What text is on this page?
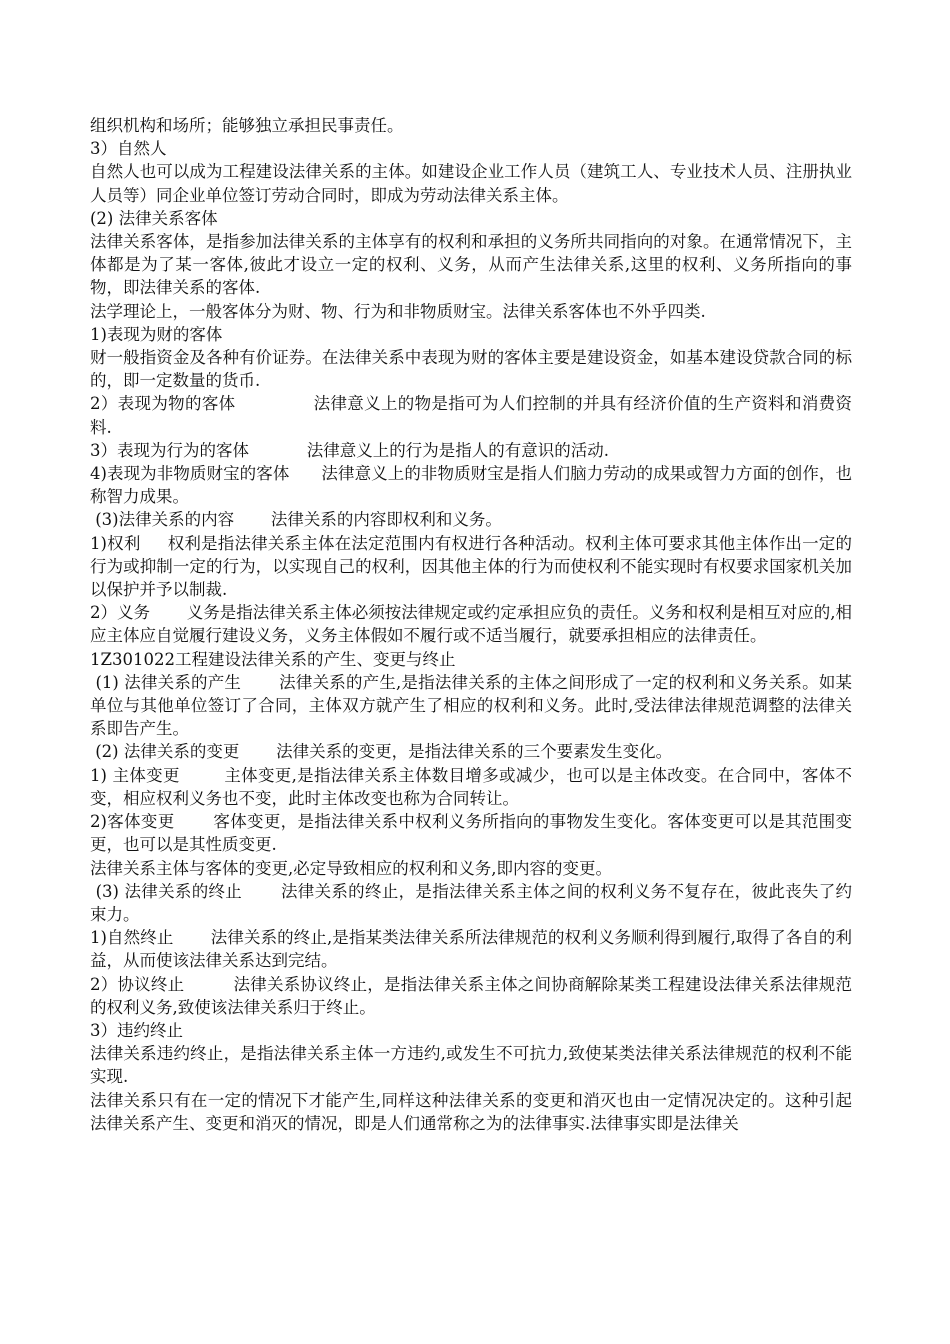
组织机构和场所；能够独立承担民事责任。

3）自然人

自然人也可以成为工程建设法律关系的主体。如建设企业工作人员（建筑工人、专业技术人员、注册执业人员等）同企业单位签订劳动合同时，即成为劳动法律关系主体。

(2) 法律关系客体

法律关系客体，是指参加法律关系的主体享有的权利和承担的义务所共同指向的对象。在通常情况下，主体都是为了某一客体,彼此才设立一定的权利、义务，从而产生法律关系,这里的权利、义务所指向的事物，即法律关系的客体.

法学理论上，一般客体分为财、物、行为和非物质财宝。法律关系客体也不外乎四类.

1)表现为财的客体

财一般指资金及各种有价证券。在法律关系中表现为财的客体主要是建设资金，如基本建设贷款合同的标的，即一定数量的货币.

2）表现为物的客体              法律意义上的物是指可为人们控制的并具有经济价值的生产资料和消费资料.

3）表现为行为的客体           法律意义上的行为是指人的有意识的活动.

4)表现为非物质财宝的客体      法律意义上的非物质财宝是指人们脑力劳动的成果或智力方面的创作，也称智力成果。

(3)法律关系的内容       法律关系的内容即权利和义务。

1)权利     权利是指法律关系主体在法定范围内有权进行各种活动。权利主体可要求其他主体作出一定的行为或抑制一定的行为，以实现自己的权利，因其他主体的行为而使权利不能实现时有权要求国家机关加以保护并予以制裁.

2）义务       义务是指法律关系主体必须按法律规定或约定承担应负的责任。义务和权利是相互对应的,相应主体应自觉履行建设义务，义务主体假如不履行或不适当履行，就要承担相应的法律责任。

1Z301022工程建设法律关系的产生、变更与终止

(1) 法律关系的产生       法律关系的产生,是指法律关系的主体之间形成了一定的权利和义务关系。如某单位与其他单位签订了合同，主体双方就产生了相应的权利和义务。此时,受法律法律规范调整的法律关系即告产生。

(2) 法律关系的变更       法律关系的变更，是指法律关系的三个要素发生变化。

1) 主体变更        主体变更,是指法律关系主体数目增多或减少，也可以是主体改变。在合同中，客体不变，相应权利义务也不变，此时主体改变也称为合同转让。

2)客体变更       客体变更，是指法律关系中权利义务所指向的事物发生变化。客体变更可以是其范围变更，也可以是其性质变更.

法律关系主体与客体的变更,必定导致相应的权利和义务,即内容的变更。

(3) 法律关系的终止       法律关系的终止，是指法律关系主体之间的权利义务不复存在，彼此丧失了约束力。

1)自然终止       法律关系的终止,是指某类法律关系所法律规范的权利义务顺利得到履行,取得了各自的利益，从而使该法律关系达到完结。

2）协议终止         法律关系协议终止，是指法律关系主体之间协商解除某类工程建设法律关系法律规范的权利义务,致使该法律关系归于终止。

3）违约终止

法律关系违约终止，是指法律关系主体一方违约,或发生不可抗力,致使某类法律关系法律规范的权利不能实现.

法律关系只有在一定的情况下才能产生,同样这种法律关系的变更和消灭也由一定情况决定的。这种引起法律关系产生、变更和消灭的情况，即是人们通常称之为的法律事实.法律事实即是法律关
